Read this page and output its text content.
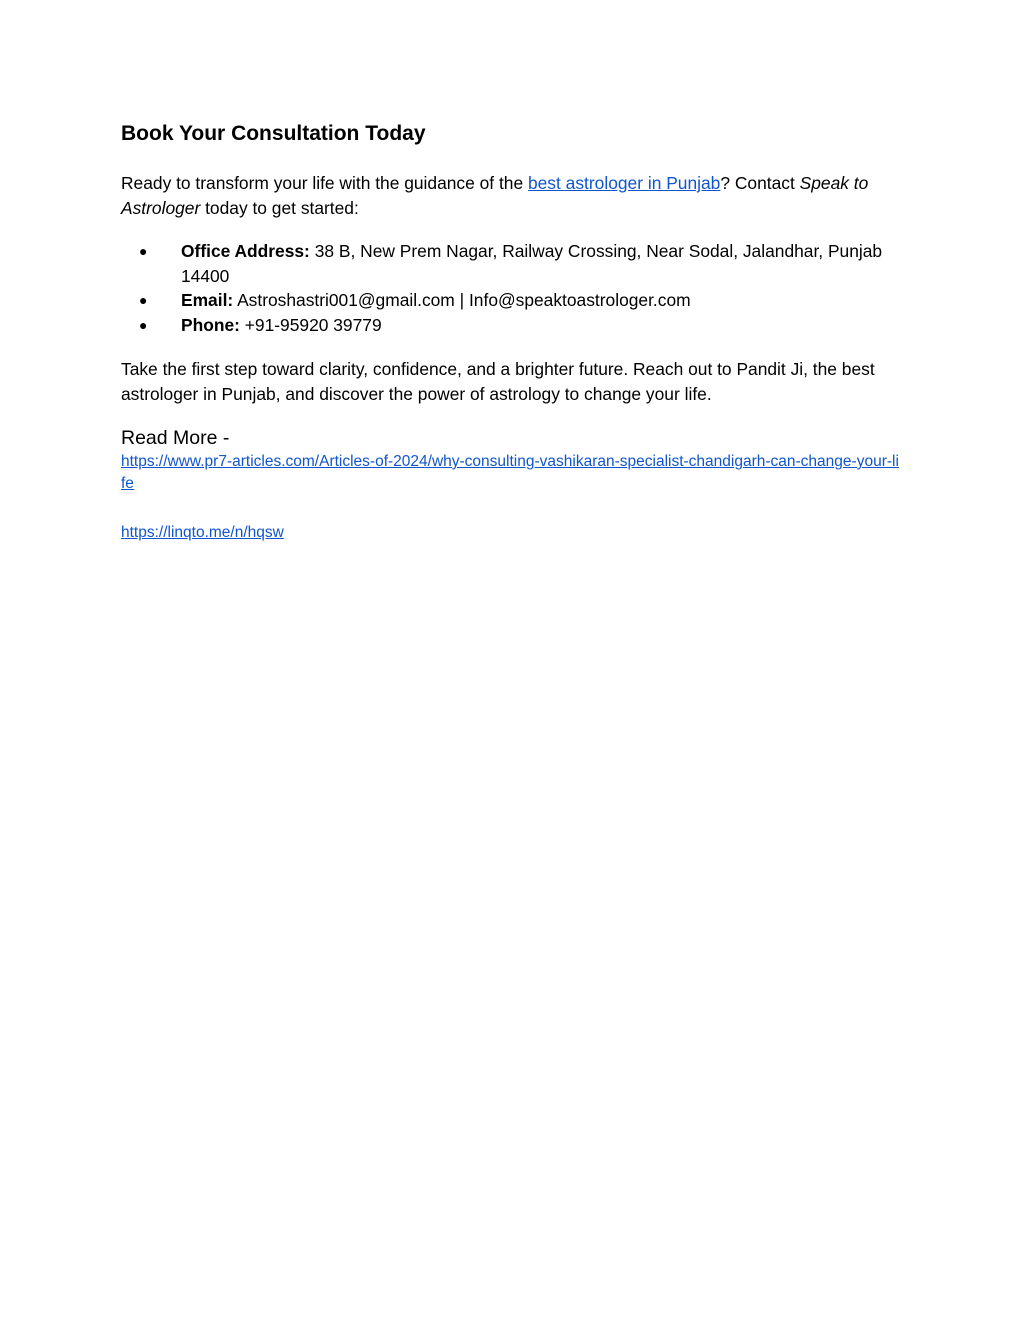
Book Your Consultation Today

Ready to transform your life with the guidance of the best astrologer in Punjab? Contact Speak to Astrologer today to get started:

● Office Address: 38 B, New Prem Nagar, Railway Crossing, Near Sodal, Jalandhar, Punjab 14400
● Email: Astroshastri001@gmail.com | Info@speaktoastrologer.com
● Phone: +91-95920 39779

Take the first step toward clarity, confidence, and a brighter future. Reach out to Pandit Ji, the best astrologer in Punjab, and discover the power of astrology to change your life.

Read More -
https://www.pr7-articles.com/Articles-of-2024/why-consulting-vashikaran-specialist-chandigarh-can-change-your-life

https://linqto.me/n/hqsw
